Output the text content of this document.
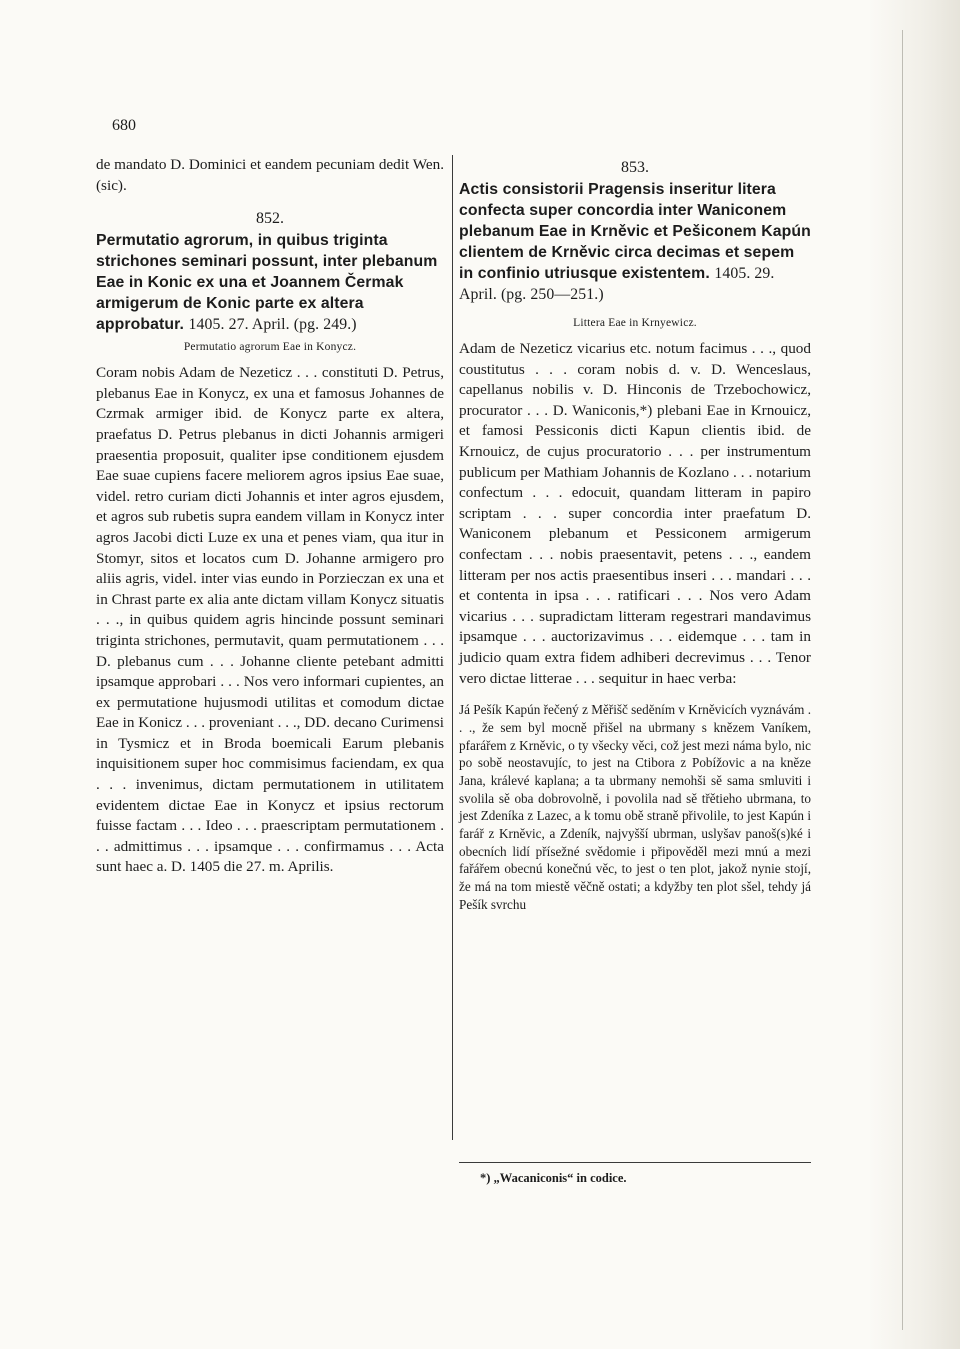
680

de mandato D. Dominici et eandem pecuniam dedit Wen. (sic).

852.

Permutatio agrorum, in quibus triginta strichones seminari possunt, inter plebanum Eae in Konic ex una et Joannem Čermak armigerum de Konic parte ex altera approbatur. 1405. 27. April. (pg. 249.)

Permutatio agrorum Eae in Konycz.

Coram nobis Adam de Nezeticz . . . constituti D. Petrus, plebanus Eae in Konycz, ex una et famosus Johannes de Czrmak armiger ibid. de Konycz parte ex altera, praefatus D. Petrus plebanus in dicti Johannis armigeri praesentia proposuit, qualiter ipse conditionem ejusdem Eae suae cupiens facere meliorem agros ipsius Eae suae, videl. retro curiam dicti Johannis et inter agros ejusdem, et agros sub rubetis supra eandem villam in Konycz inter agros Jacobi dicti Luze ex una et penes viam, qua itur in Stomyr, sitos et locatos cum D. Johanne armigero pro aliis agris, videl. inter vias eundo in Porzieczan ex una et in Chrast parte ex alia ante dictam villam Konycz situatis . . ., in quibus quidem agris hincinde possunt seminari triginta strichones, permutavit, quam permutationem . . . D. plebanus cum . . . Johanne cliente petebant admitti ipsamque approbari . . . Nos vero informari cupientes, an ex permutatione hujusmodi utilitas et comodum dictae Eae in Konicz . . . proveniant . . ., DD. decano Curimensi in Tysmicz et in Broda boemicali Earum plebanis inquisitionem super hoc commisimus faciendam, ex qua . . . invenimus, dictam permutationem in utilitatem evidentem dictae Eae in Konycz et ipsius rectorum fuisse factam . . . Ideo . . . praescriptam permutationem . . . admittimus . . . ipsamque . . . confirmamus . . . Acta sunt haec a. D. 1405 die 27. m. Aprilis.

853.

Actis consistorii Pragensis inseritur litera confecta super concordia inter Waniconem plebanum Eae in Krněvic et Pešiconem Kapún clientem de Krněvic circa decimas et sepem in confinio utriusque existentem. 1405. 29. April. (pg. 250—251.)

Littera Eae in Krnyewicz.

Adam de Nezeticz vicarius etc. notum facimus . . ., quod coustitutus . . . coram nobis d. v. D. Wenceslaus, capellanus nobilis v. D. Hinconis de Trzebochowicz, procurator . . . D. Waniconis,*) plebani Eae in Krnouicz, et famosi Pessiconis dicti Kapun clientis ibid. de Krnouicz, de cujus procuratorio . . . per instrumentum publicum per Mathiam Johannis de Kozlano . . . notarium confectum . . . edocuit, quandam litteram in papiro scriptam . . . super concordia inter praefatum D. Waniconem plebanum et Pessiconem armigerum confectam . . . nobis praesentavit, petens . . ., eandem litteram per nos actis praesentibus inseri . . . mandari . . . et contenta in ipsa . . . ratificari . . . Nos vero Adam vicarius . . . supradictam litteram regestrari mandavimus ipsamque . . . auctorizavimus . . . eidemque . . . tam in judicio quam extra fidem adhiberi decrevimus . . . Tenor vero dictae litterae . . . sequitur in haec verba:

Já Pešík Kapún řečený z Měřišč sedĕním v Krněvicích vyznávám . . ., že sem byl mocně přišel na ubrmany s knězem Vaníkem, pfarářem z Krněvic, o ty všecky věci, což jest mezi náma bylo, nic po sobě neostavujíc, to jest na Ctibora z Pobížovic a na kněze Jana, králevé kaplana; a ta ubrmany nemohši sě sama smluviti i svolila sě oba dobrovolně, i povolila nad sě třětieho ubrmana, to jest Zdeníka z Lazec, a k tomu obě straně přivolile, to jest Kapún i farář z Krněvic, a Zdeník, najvyšší ubrman, uslyšav panoš(s)ké i obecních lidí přísežné svědomie i připověděl mezi mnú a mezi fařářem obecnú konečnú věc, to jest o ten plot, jakož nynie stojí, že má na tom miestě věčně ostati; a kdyžby ten plot sšel, tehdy já Pešík svrchu

*) „Wacaniconis“ in codice.
